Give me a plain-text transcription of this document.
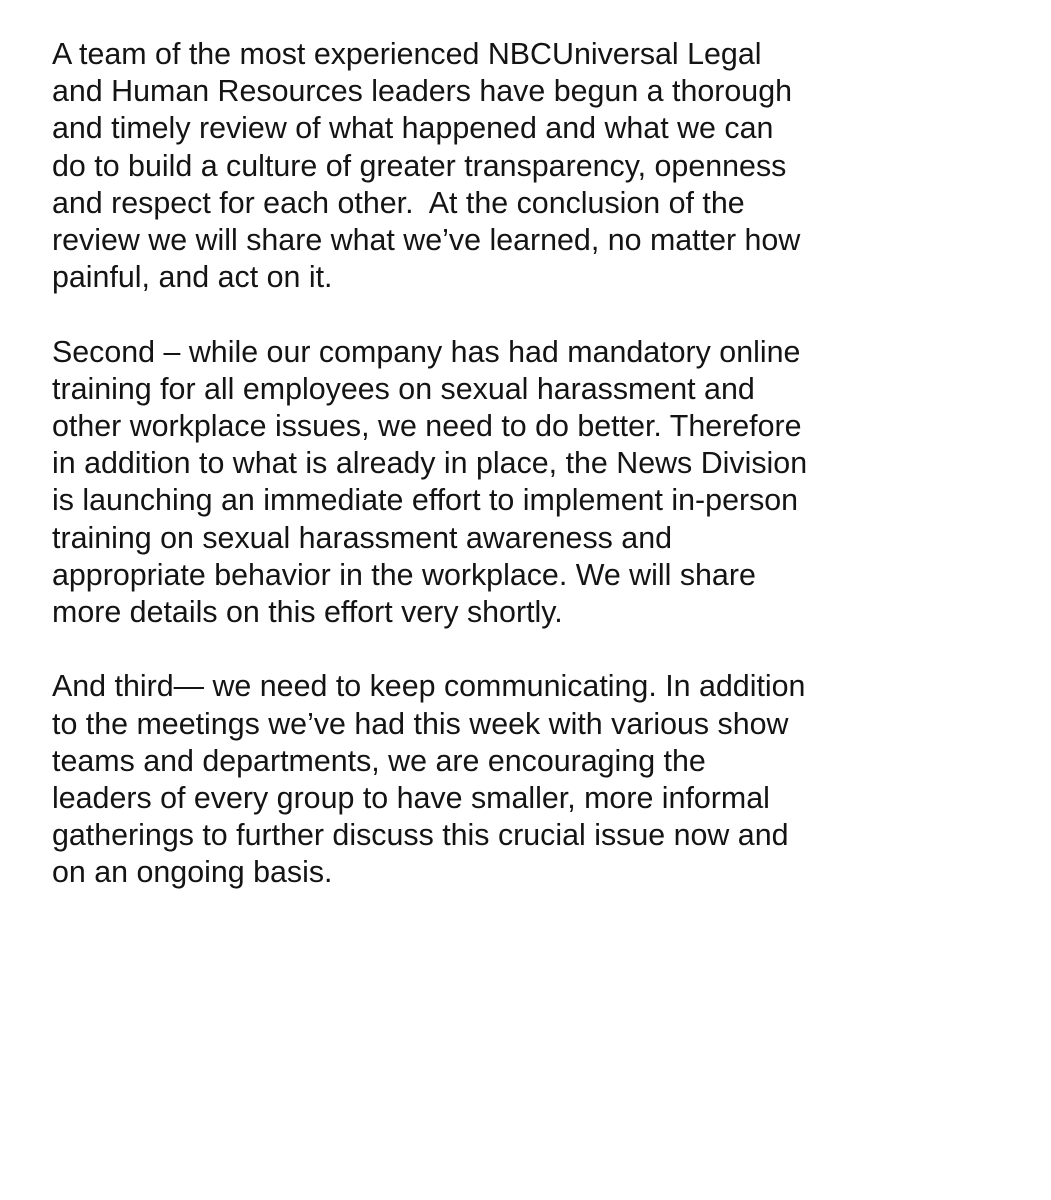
A team of the most experienced NBCUniversal Legal
and Human Resources leaders have begun a thorough
and timely review of what happened and what we can
do to build a culture of greater transparency, openness
and respect for each other.  At the conclusion of the
review we will share what we’ve learned, no matter how
painful, and act on it.

Second – while our company has had mandatory online
training for all employees on sexual harassment and
other workplace issues, we need to do better. Therefore
in addition to what is already in place, the News Division
is launching an immediate effort to implement in-person
training on sexual harassment awareness and
appropriate behavior in the workplace. We will share
more details on this effort very shortly.

And third— we need to keep communicating. In addition
to the meetings we’ve had this week with various show
teams and departments, we are encouraging the
leaders of every group to have smaller, more informal
gatherings to further discuss this crucial issue now and
on an ongoing basis.
